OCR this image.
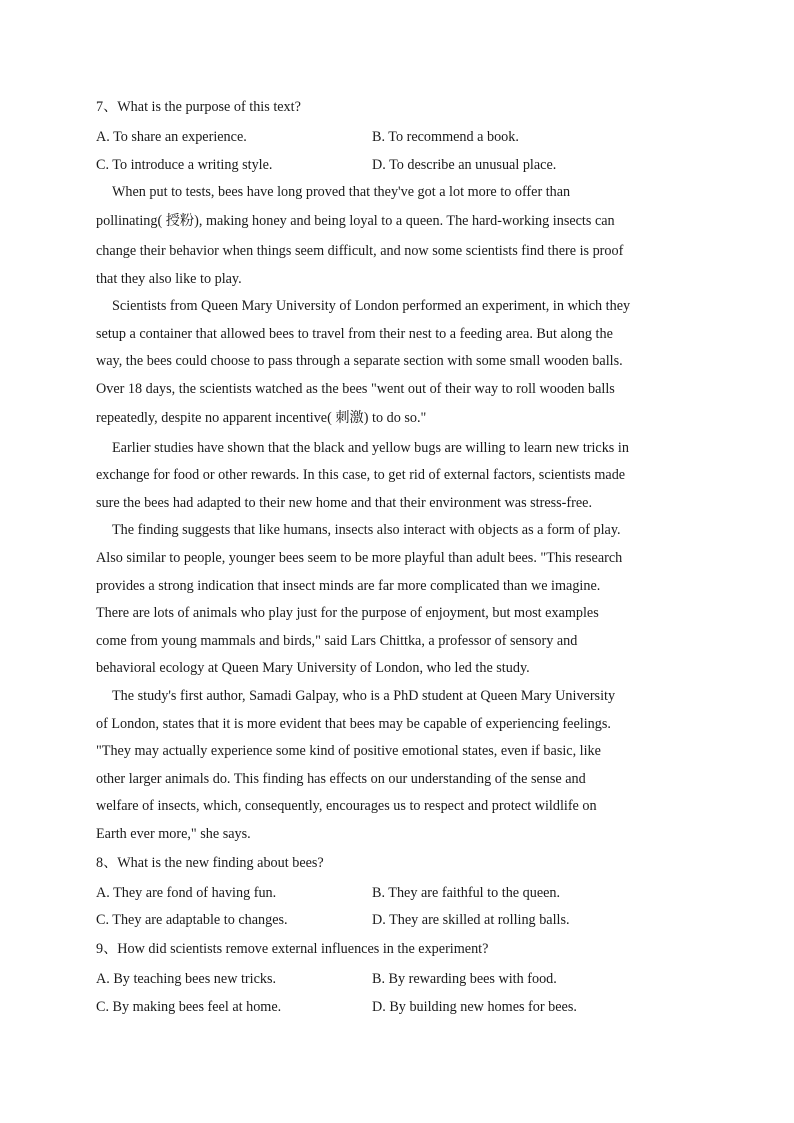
7、What is the purpose of this text?
A. To share an experience.	B. To recommend a book.
C. To introduce a writing style.	D. To describe an unusual place.
When put to tests, bees have long proved that they've got a lot more to offer than
pollinating( 授粉), making honey and being loyal to a queen. The hard-working insects can
change their behavior when things seem difficult, and now some scientists find there is proof
that they also like to play.
Scientists from Queen Mary University of London performed an experiment, in which they
setup a container that allowed bees to travel from their nest to a feeding area. But along the
way, the bees could choose to pass through a separate section with some small wooden balls.
Over 18 days, the scientists watched as the bees "went out of their way to roll wooden balls
repeatedly, despite no apparent incentive( 刺激) to do so."
Earlier studies have shown that the black and yellow bugs are willing to learn new tricks in
exchange for food or other rewards. In this case, to get rid of external factors, scientists made
sure the bees had adapted to their new home and that their environment was stress-free.
The finding suggests that like humans, insects also interact with objects as a form of play.
Also similar to people, younger bees seem to be more playful than adult bees. "This research
provides a strong indication that insect minds are far more complicated than we imagine.
There are lots of animals who play just for the purpose of enjoyment, but most examples
come from young mammals and birds," said Lars Chittka, a professor of sensory and
behavioral ecology at Queen Mary University of London, who led the study.
The study's first author, Samadi Galpay, who is a PhD student at Queen Mary University
of London, states that it is more evident that bees may be capable of experiencing feelings.
"They may actually experience some kind of positive emotional states, even if basic, like
other larger animals do. This finding has effects on our understanding of the sense and
welfare of insects, which, consequently, encourages us to respect and protect wildlife on
Earth ever more," she says.
8、What is the new finding about bees?
A. They are fond of having fun.	B. They are faithful to the queen.
C. They are adaptable to changes.	D. They are skilled at rolling balls.
9、How did scientists remove external influences in the experiment?
A. By teaching bees new tricks.	B. By rewarding bees with food.
C. By making bees feel at home.	D. By building new homes for bees.
